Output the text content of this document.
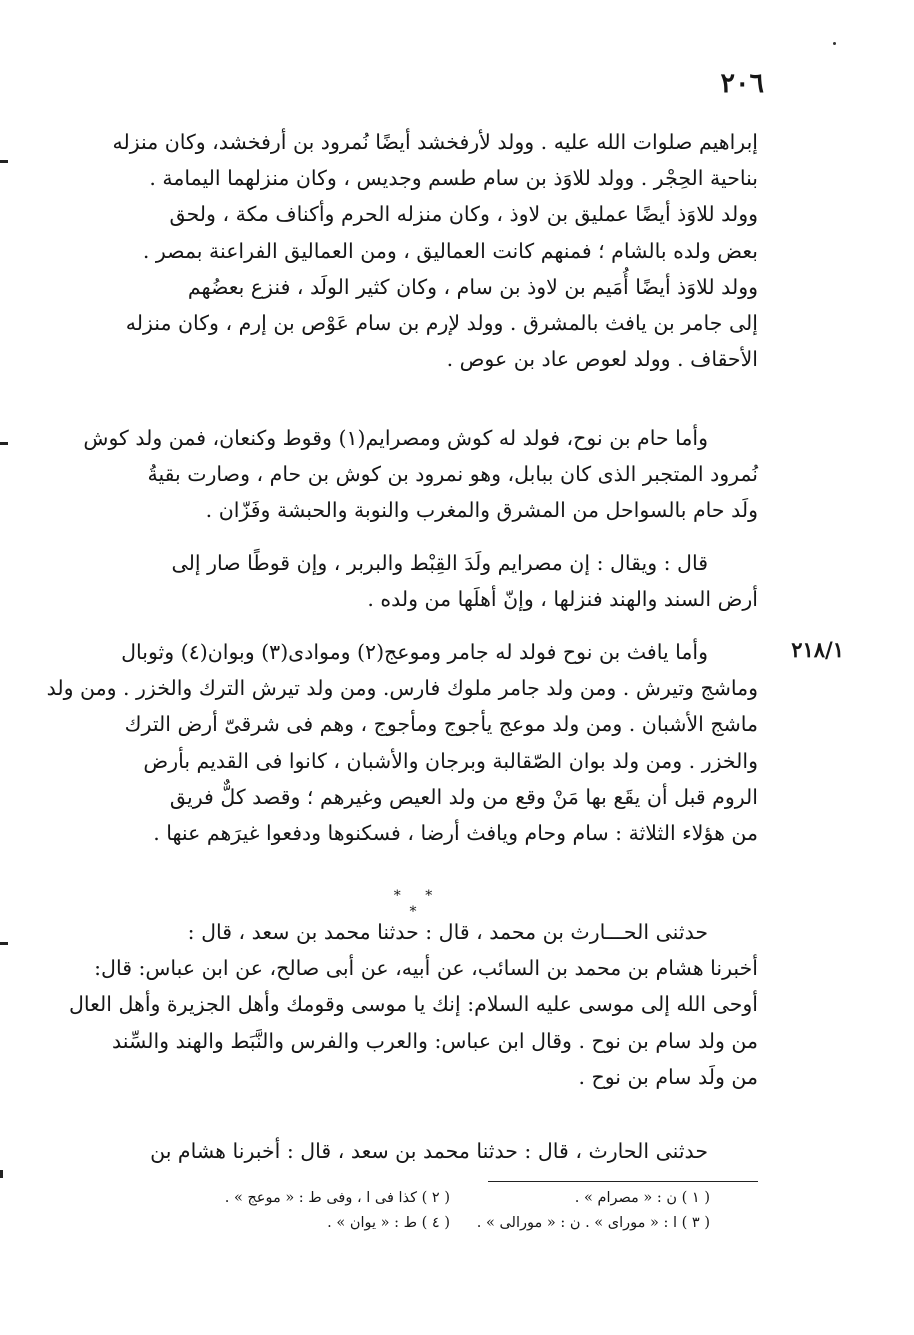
٢٠٦
إبراهيم صلوات الله عليه . وولد لأرفخشد أيضًا نُمرود بن أرفخشد، وكان منزله
بناحية الحِجْر . وولد للاوَذ بن سام طسم وجديس ، وكان منزلهما اليمامة .
وولد للاوَذ أيضًا عمليق بن لاوذ ، وكان منزله الحرم وأكناف مكة ، ولحق
بعض ولده بالشام ؛ فمنهم كانت العماليق ، ومن العماليق الفراعنة بمصر .
وولد للاوَذ أيضًا أُمَيم بن لاوذ بن سام ، وكان كثير الولَد ، فنزع بعضُهم
إلى جامر بن يافث بالمشرق . وولد لإرم بن سام عَوْص بن إرم ، وكان منزله
الأحقاف . وولد لعوص عاد بن عوص .
وأما حام بن نوح، فولد له كوش ومصرايم(١) وقوط وكنعان، فمن ولد كوش
نُمرود المتجبر الذى كان ببابل، وهو نمرود بن كوش بن حام ، وصارت بقيةُ
ولَد حام بالسواحل من المشرق والمغرب والنوبة والحبشة وفَزّان .
قال : ويقال : إن مصرايم ولَدَ القِبْط والبربر ، وإن قوطًا صار إلى
أرض السند والهند فنزلها ، وإنّ أهلَها من ولده .
٢١٨/١
وأما يافث بن نوح فولد له جامر وموعج(٢) وموادى(٣) وبوان(٤) وثوبال
وماشج وتيرش . ومن ولد جامر ملوك فارس. ومن ولد تيرش الترك والخزر . ومن ولد
ماشج الأشبان . ومن ولد موعج يأجوج ومأجوج ، وهم فى شرقىّ أرض الترك
والخزر . ومن ولد بوان الصّقالبة وبرجان والأشبان ، كانوا فى القديم بأرض
الروم قبل أن يقَع بها مَنْ وقع من ولد العيص وغيرهم ؛ وقصد كلٌّ فريق
من هؤلاء الثلاثة : سام وحام ويافث أرضا ، فسكنوها ودفعوا غيرَهم عنها .
* * *
حدثنى الحـــارث بن محمد ، قال : حدثنا محمد بن سعد ، قال :
أخبرنا هشام بن محمد بن السائب، عن أبيه، عن أبى صالح، عن ابن عباس: قال:
أوحى الله إلى موسى عليه السلام: إنك يا موسى وقومك وأهل الجزيرة وأهل العال
من ولد سام بن نوح . وقال ابن عباس: والعرب والفرس والنَّبَط والهند والسِّند
من ولَد سام بن نوح .
حدثنى الحارث ، قال : حدثنا محمد بن سعد ، قال : أخبرنا هشام بن
( ١ ) ن : « مصرام » .
( ٢ ) كذا فى ا ، وفى ط : « موعج » .
( ٣ ) ا : « مورای » . ن : « مورالی » .
( ٤ ) ط : « يوان » .
